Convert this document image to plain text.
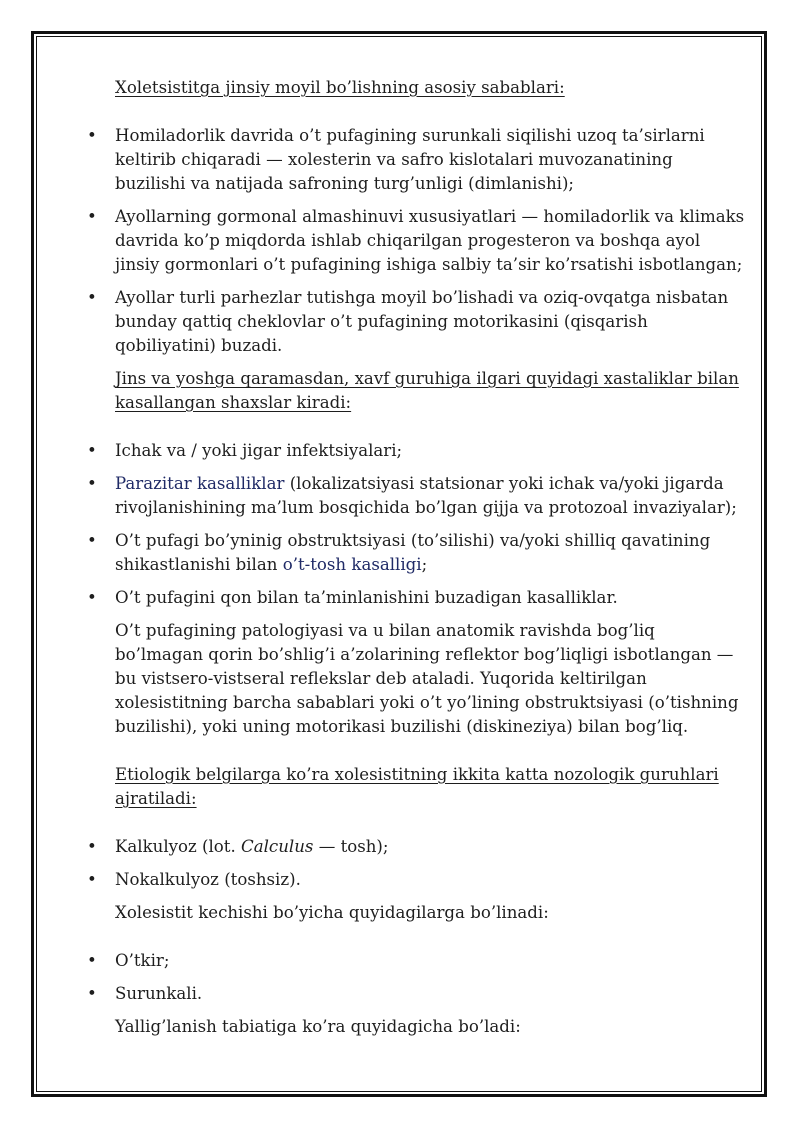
Xoletsistitga jinsiy moyil bo’lishning asosiy sabablari:

• Homiladorlik davrida o’t pufagining surunkali siqilishi uzoq ta’sirlarni keltirib chiqaradi — xolesterin va safro kislotalari muvozanatining buzilishi va natijada safroning turg’unligi (dimlanishi);
• Ayollarning gormonal almashinuvi xususiyatlari — homiladorlik va klimaks davrida ko’p miqdorda ishlab chiqarilgan progesteron va boshqa ayol jinsiy gormonlari o’t pufagining ishiga salbiy ta’sir ko’rsatishi isbotlangan;
• Ayollar turli parhezlar tutishga moyil bo’lishadi va oziq-ovqatga nisbatan bunday qattiq cheklovlar o’t pufagining motorikasini (qisqarish qobiliyatini) buzadi.

Jins va yoshga qaramasdan, xavf guruhiga ilgari quyidagi xastaliklar bilan kasallangan shaxslar kiradi:

• Ichak va / yoki jigar infektsiyalari;
• Parazitar kasalliklar (lokalizatsiyasi statsionar yoki ichak va/yoki jigarda rivojlanishining ma’lum bosqichida bo’lgan gijja va protozoal invaziyalar);
• O’t pufagi bo’yninig obstruktsiyasi (to’silishi) va/yoki shilliq qavatining shikastlanishi bilan o’t-tosh kasalligi;
• O’t pufagini qon bilan ta’minlanishini buzadigan kasalliklar.

O’t pufagining patologiyasi va u bilan anatomik ravishda bog’liq bo’lmagan qorin bo’shlig’i a’zolarining reflektor bog’liqligi isbotlangan — bu vistsero-vistseral reflekslar deb ataladi. Yuqorida keltirilgan xolesistitning barcha sabablari yoki o’t yo’lining obstruktsiyasi (o’tishning buzilishi), yoki uning motorikasi buzilishi (diskineziya) bilan bog’liq.

Etiologik belgilarga ko’ra xolesistitning ikkita katta nozologik guruhlari ajratiladi:

• Kalkulyoz (lot. Calculus — tosh);
• Nokalkulyoz (toshsiz).

Xolesistit kechishi bo’yicha quyidagilarga bo’linadi:

• O’tkir;
• Surunkali.

Yallig’lanish tabiatiga ko’ra quyidagicha bo’ladi:
